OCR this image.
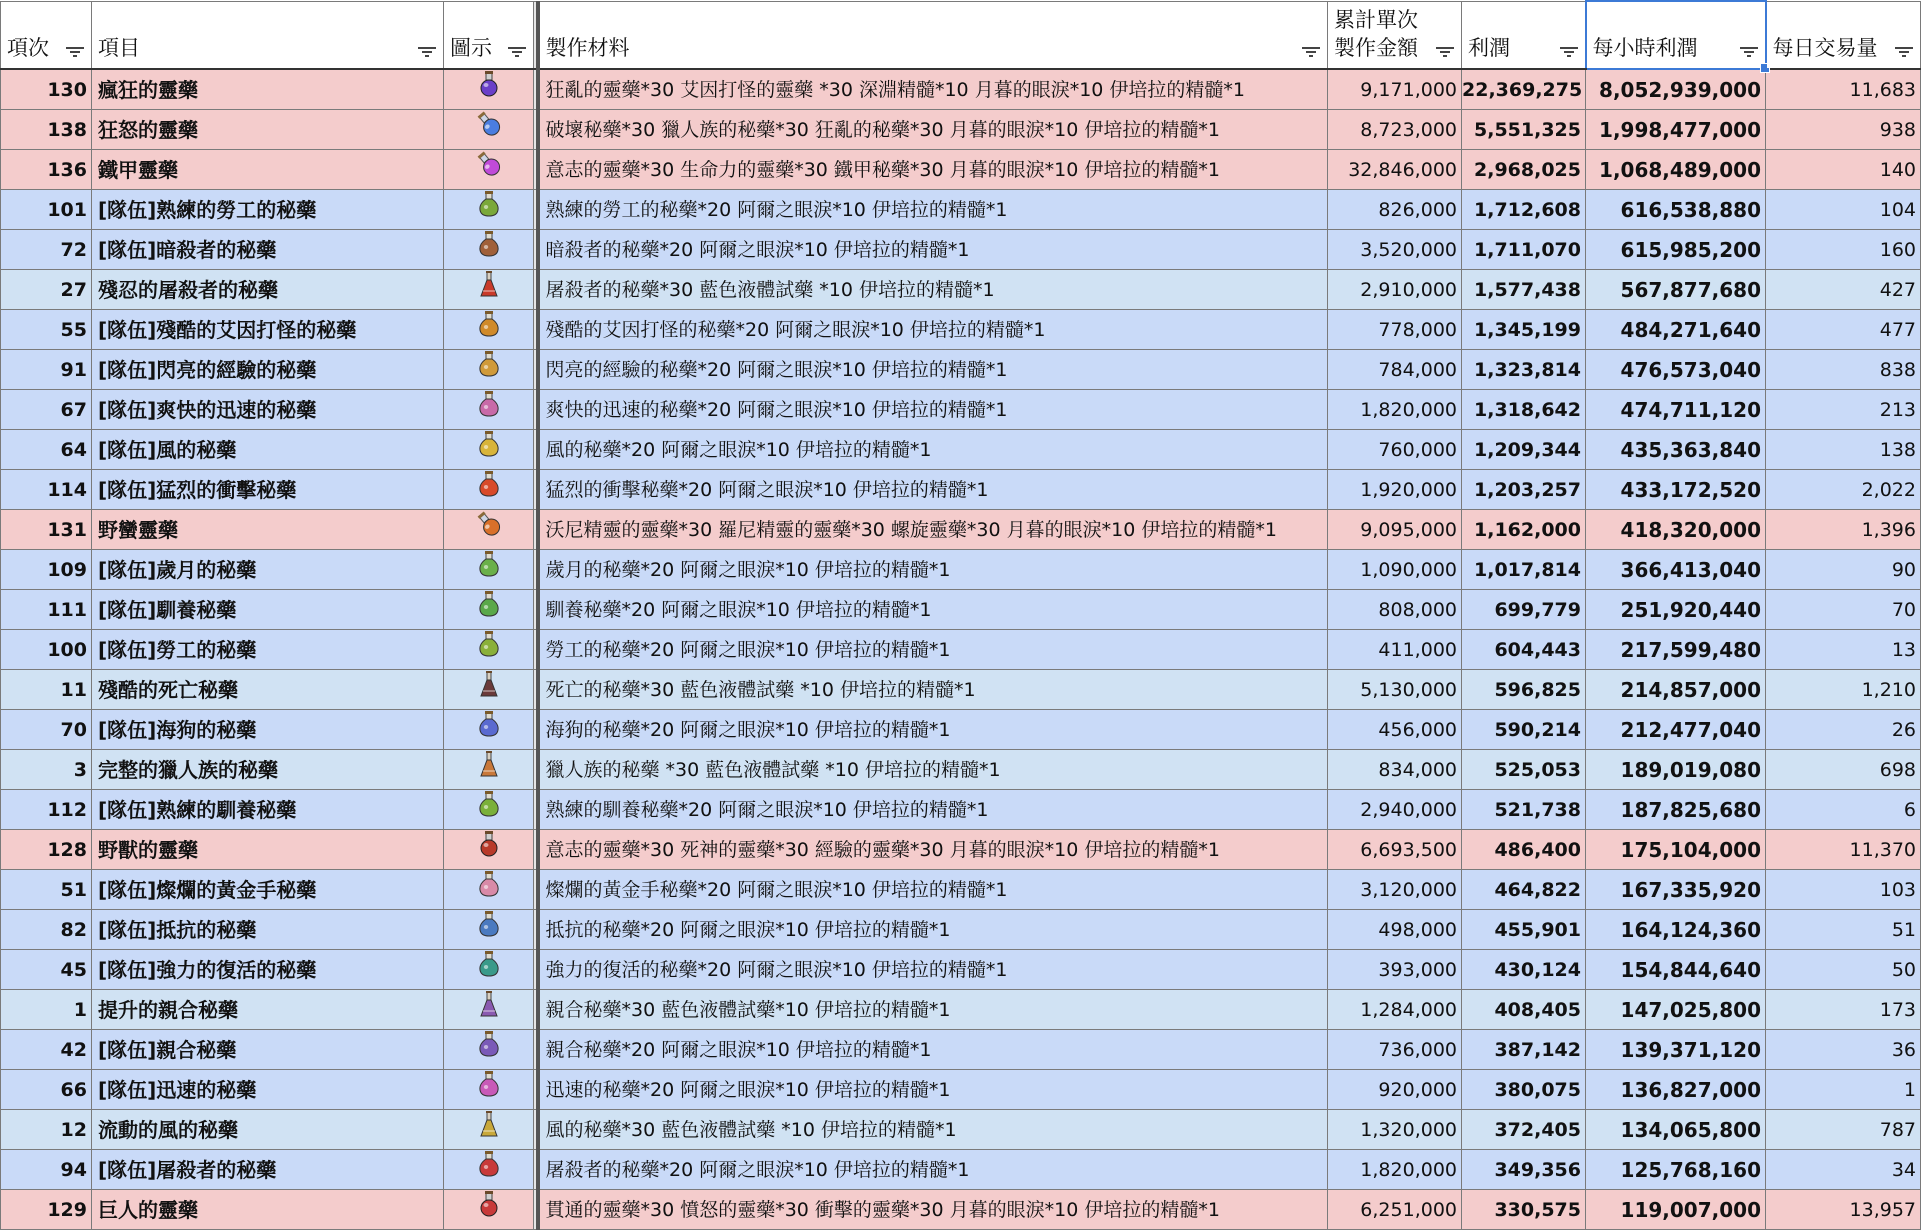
項次	項目	圖示		製作材料	累計單次
製作金額	利潤	每小時利潤	每日交易量

130	瘋狂的靈藥			狂亂的靈藥*30 艾因打怪的靈藥 *30 深淵精髓*10 月暮的眼淚*10 伊培拉的精髓*1	9,171,000	22,369,275	8,052,939,000	11,683
138	狂怒的靈藥			破壞秘藥*30 獵人族的秘藥*30 狂亂的秘藥*30 月暮的眼淚*10 伊培拉的精髓*1	8,723,000	5,551,325	1,998,477,000	938
136	鐵甲靈藥			意志的靈藥*30 生命力的靈藥*30 鐵甲秘藥*30 月暮的眼淚*10 伊培拉的精髓*1	32,846,000	2,968,025	1,068,489,000	140
101	[隊伍]熟練的勞工的秘藥			熟練的勞工的秘藥*20 阿爾之眼淚*10 伊培拉的精髓*1	826,000	1,712,608	616,538,880	104
72	[隊伍]暗殺者的秘藥			暗殺者的秘藥*20 阿爾之眼淚*10 伊培拉的精髓*1	3,520,000	1,711,070	615,985,200	160
27	殘忍的屠殺者的秘藥			屠殺者的秘藥*30 藍色液體試藥 *10 伊培拉的精髓*1	2,910,000	1,577,438	567,877,680	427
55	[隊伍]殘酷的艾因打怪的秘藥			殘酷的艾因打怪的秘藥*20 阿爾之眼淚*10 伊培拉的精髓*1	778,000	1,345,199	484,271,640	477
91	[隊伍]閃亮的經驗的秘藥			閃亮的經驗的秘藥*20 阿爾之眼淚*10 伊培拉的精髓*1	784,000	1,323,814	476,573,040	838
67	[隊伍]爽快的迅速的秘藥			爽快的迅速的秘藥*20 阿爾之眼淚*10 伊培拉的精髓*1	1,820,000	1,318,642	474,711,120	213
64	[隊伍]風的秘藥			風的秘藥*20 阿爾之眼淚*10 伊培拉的精髓*1	760,000	1,209,344	435,363,840	138
114	[隊伍]猛烈的衝擊秘藥			猛烈的衝擊秘藥*20 阿爾之眼淚*10 伊培拉的精髓*1	1,920,000	1,203,257	433,172,520	2,022
131	野蠻靈藥			沃尼精靈的靈藥*30 羅尼精靈的靈藥*30 螺旋靈藥*30 月暮的眼淚*10 伊培拉的精髓*1	9,095,000	1,162,000	418,320,000	1,396
109	[隊伍]歲月的秘藥			歲月的秘藥*20 阿爾之眼淚*10 伊培拉的精髓*1	1,090,000	1,017,814	366,413,040	90
111	[隊伍]馴養秘藥			馴養秘藥*20 阿爾之眼淚*10 伊培拉的精髓*1	808,000	699,779	251,920,440	70
100	[隊伍]勞工的秘藥			勞工的秘藥*20 阿爾之眼淚*10 伊培拉的精髓*1	411,000	604,443	217,599,480	13
11	殘酷的死亡秘藥			死亡的秘藥*30 藍色液體試藥 *10 伊培拉的精髓*1	5,130,000	596,825	214,857,000	1,210
70	[隊伍]海狗的秘藥			海狗的秘藥*20 阿爾之眼淚*10 伊培拉的精髓*1	456,000	590,214	212,477,040	26
3	完整的獵人族的秘藥			獵人族的秘藥 *30 藍色液體試藥 *10 伊培拉的精髓*1	834,000	525,053	189,019,080	698
112	[隊伍]熟練的馴養秘藥			熟練的馴養秘藥*20 阿爾之眼淚*10 伊培拉的精髓*1	2,940,000	521,738	187,825,680	6
128	野獸的靈藥			意志的靈藥*30 死神的靈藥*30 經驗的靈藥*30 月暮的眼淚*10 伊培拉的精髓*1	6,693,500	486,400	175,104,000	11,370
51	[隊伍]燦爛的黃金手秘藥			燦爛的黃金手秘藥*20 阿爾之眼淚*10 伊培拉的精髓*1	3,120,000	464,822	167,335,920	103
82	[隊伍]抵抗的秘藥			抵抗的秘藥*20 阿爾之眼淚*10 伊培拉的精髓*1	498,000	455,901	164,124,360	51
45	[隊伍]強力的復活的秘藥			強力的復活的秘藥*20 阿爾之眼淚*10 伊培拉的精髓*1	393,000	430,124	154,844,640	50
1	提升的親合秘藥			親合秘藥*30 藍色液體試藥*10 伊培拉的精髓*1	1,284,000	408,405	147,025,800	173
42	[隊伍]親合秘藥			親合秘藥*20 阿爾之眼淚*10 伊培拉的精髓*1	736,000	387,142	139,371,120	36
66	[隊伍]迅速的秘藥			迅速的秘藥*20 阿爾之眼淚*10 伊培拉的精髓*1	920,000	380,075	136,827,000	1
12	流動的風的秘藥			風的秘藥*30 藍色液體試藥 *10 伊培拉的精髓*1	1,320,000	372,405	134,065,800	787
94	[隊伍]屠殺者的秘藥			屠殺者的秘藥*20 阿爾之眼淚*10 伊培拉的精髓*1	1,820,000	349,356	125,768,160	34
129	巨人的靈藥			貫通的靈藥*30 憤怒的靈藥*30 衝擊的靈藥*30 月暮的眼淚*10 伊培拉的精髓*1	6,251,000	330,575	119,007,000	13,957
